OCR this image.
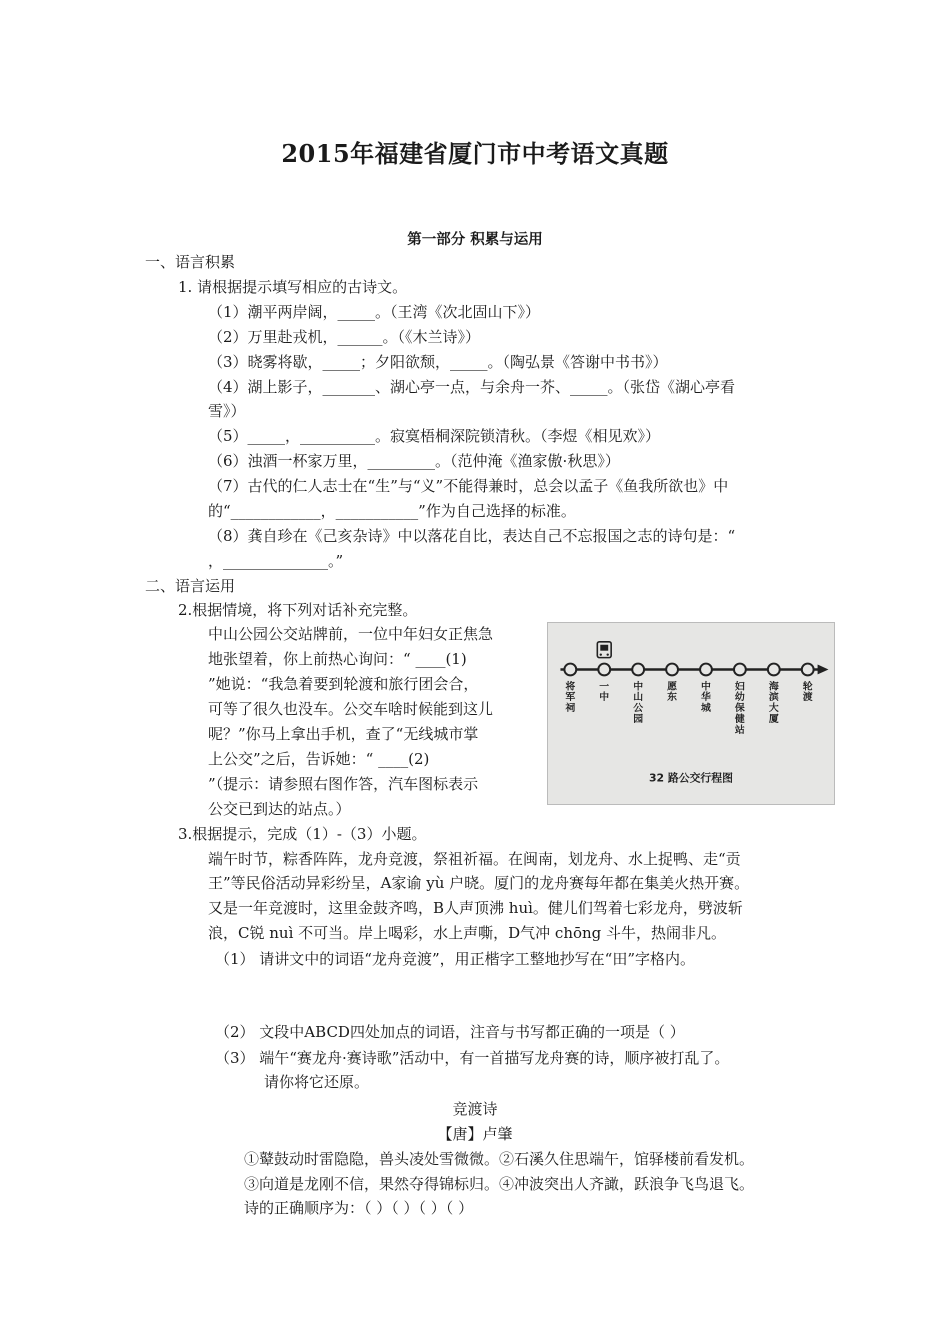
2015年福建省厦门市中考语文真题
第一部分 积累与运用
一、语言积累
1. 请根据提示填写相应的古诗文。
（1）潮平两岸阔，_____。（王湾《次北固山下》）
（2）万里赴戎机，______。（《木兰诗》）
（3）晓雾将歇，_____；夕阳欲颓，_____。（陶弘景《答谢中书书》）
（4）湖上影子，_______、湖心亭一点，与余舟一芥、_____。（张岱《湖心亭看
雪》）
（5）_____，__________。寂寞梧桐深院锁清秋。（李煜《相见欢》）
（6）浊酒一杯家万里，_________。（范仲淹《渔家傲·秋思》）
（7）古代的仁人志士在“生”与“义”不能得兼时，总会以孟子《鱼我所欲也》中
的“____________，___________”作为自己选择的标准。
（8）龚自珍在《己亥杂诗》中以落花自比，表达自己不忘报国之志的诗句是：“
，______________。”
二、语言运用
2.根据情境，将下列对话补充完整。
中山公园公交站牌前，一位中年妇女正焦急
地张望着，你上前热心询问：“ ____(1)
”她说：“我急着要到轮渡和旅行团会合，
可等了很久也没车。公交车啥时候能到这儿
呢？”你马上拿出手机，查了“无线城市掌
上公交”之后，告诉她：“ ____(2)
”（提示：请参照右图作答，汽车图标表示
公交已到达的站点。）
将军祠
一中
中山公园
愿东
中华城
妇幼保健站
海滨大厦
轮渡
32 路公交行程图
3.根据提示，完成（1）-（3）小题。
端午时节，粽香阵阵，龙舟竞渡，祭祖祈福。在闽南，划龙舟、水上捉鸭、走“贡
王”等民俗活动异彩纷呈，A家谕 yù 户晓。厦门的龙舟赛每年都在集美火热开赛。
又是一年竞渡时，这里金鼓齐鸣，B人声顶沸 huì。健儿们驾着七彩龙舟，劈波斩
浪，C锐 nuì 不可当。岸上喝彩，水上声嘶，D气冲 chōng 斗牛，热闹非凡。
（1） 请讲文中的词语“龙舟竞渡”，用正楷字工整地抄写在“田”字格内。
（2） 文段中ABCD四处加点的词语，注音与书写都正确的一项是（ ）
（3） 端午“赛龙舟·赛诗歌”活动中，有一首描写龙舟赛的诗，顺序被打乱了。
请你将它还原。
竞渡诗
【唐】卢肇
①鼙鼓动时雷隐隐，兽头凌处雪微微。②石溪久住思端午，馆驿楼前看发机。
③向道是龙刚不信，果然夺得锦标归。④冲波突出人齐譀，跃浪争飞鸟退飞。
诗的正确顺序为：（ ）（ ）（ ）（ ）
